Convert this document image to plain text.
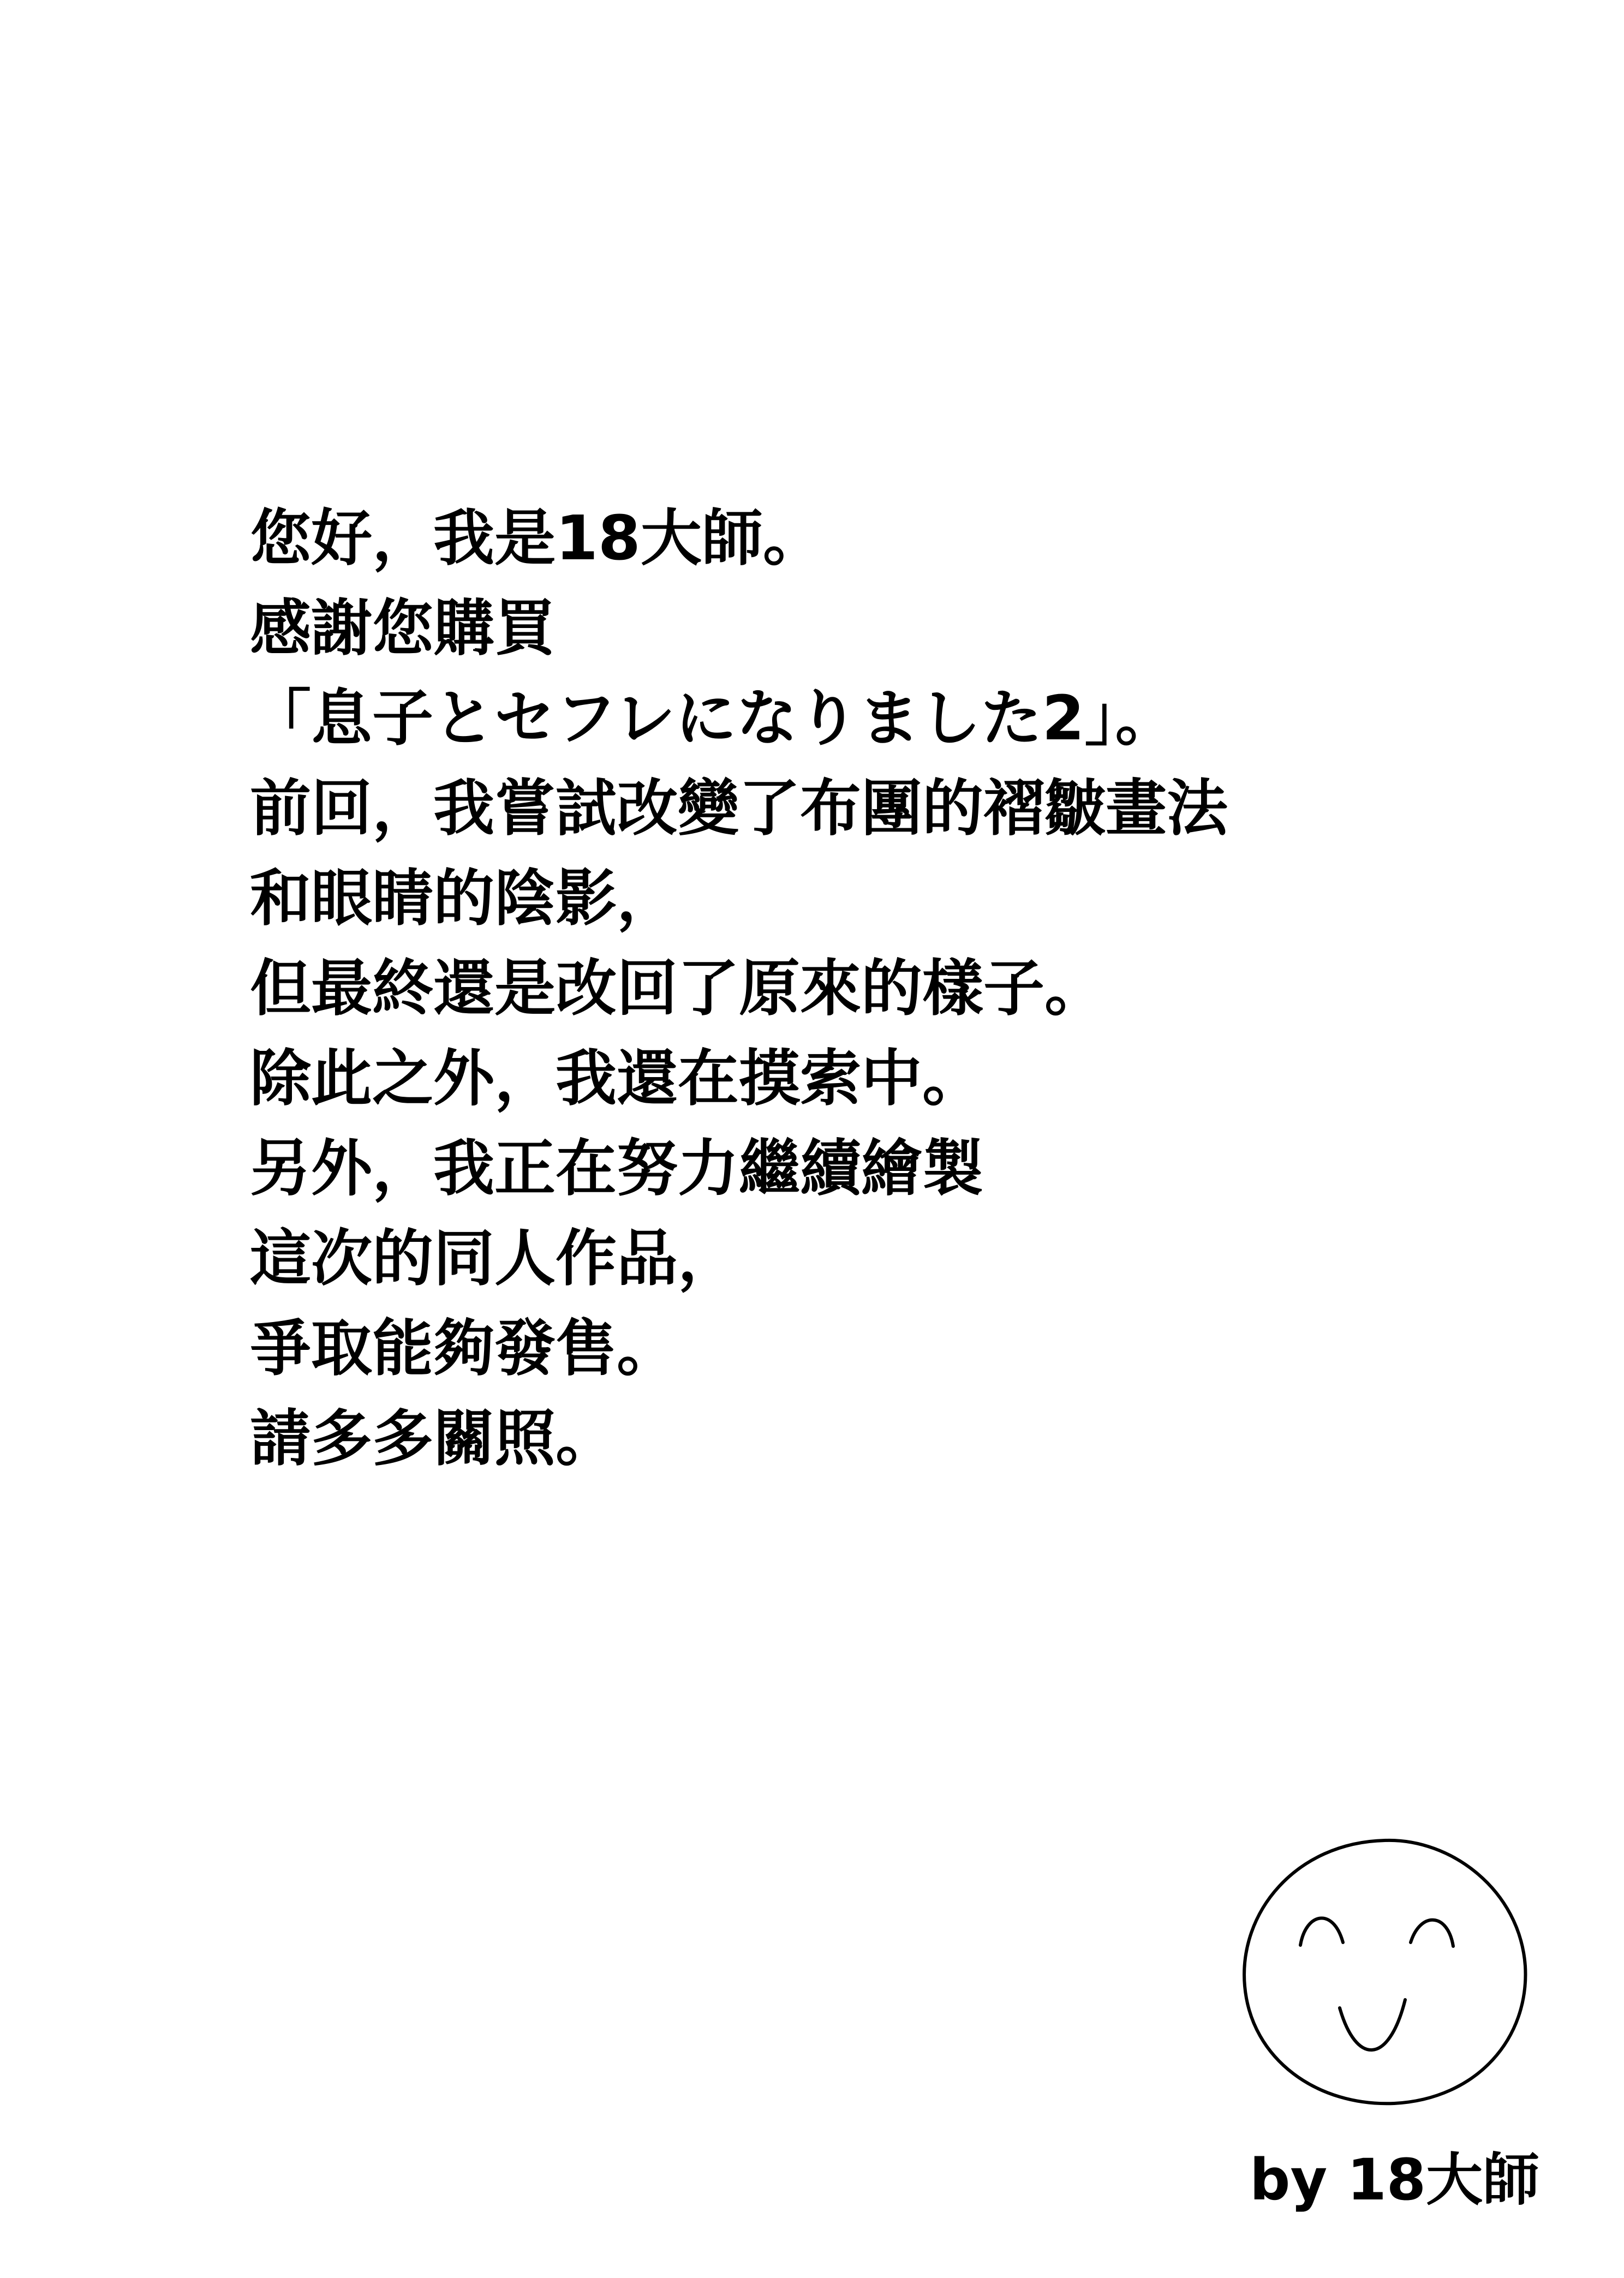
您好，我是18大師。
感謝您購買
「息子とセフレになりました2」。
前回，我嘗試改變了布團的褶皺畫法
和眼睛的陰影，
但最終還是改回了原來的樣子。
除此之外，我還在摸索中。
另外，我正在努力繼續繪製
這次的同人作品，
爭取能夠發售。
請多多關照。
by 18大師
